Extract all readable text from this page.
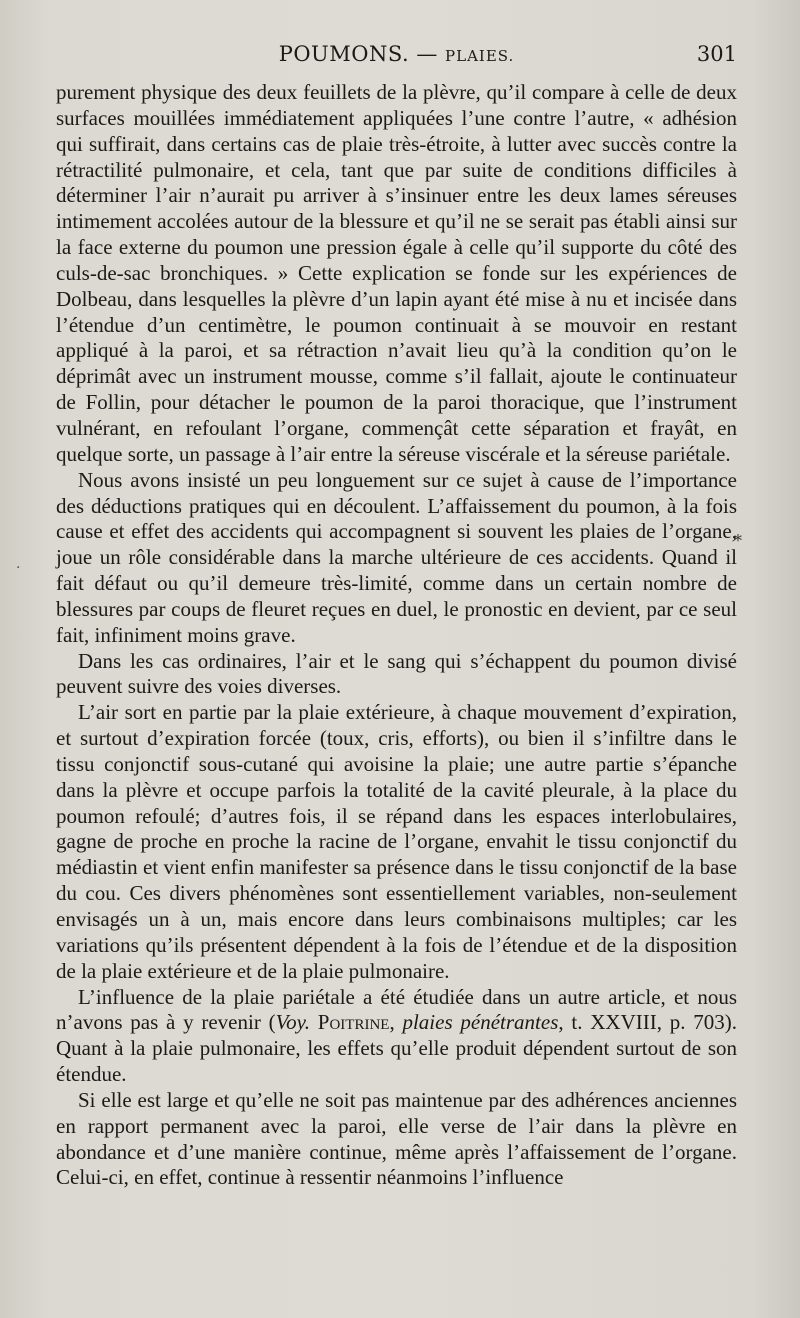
POUMONS. — PLAIES.	301

purement physique des deux feuillets de la plèvre, qu’il compare à celle de deux surfaces mouillées immédiatement appliquées l’une contre l’autre, « adhésion qui suffirait, dans certains cas de plaie très-étroite, à lutter avec succès contre la rétractilité pulmonaire, et cela, tant que par suite de conditions difficiles à déterminer l’air n’aurait pu arriver à s’insinuer entre les deux lames séreuses intimement accolées autour de la blessure et qu’il ne se serait pas établi ainsi sur la face externe du poumon une pression égale à celle qu’il supporte du côté des culs-de-sac bronchiques. » Cette explication se fonde sur les expériences de Dolbeau, dans lesquelles la plèvre d’un lapin ayant été mise à nu et incisée dans l’étendue d’un centimètre, le poumon continuait à se mouvoir en restant appliqué à la paroi, et sa rétraction n’avait lieu qu’à la condition qu’on le déprimât avec un instrument mousse, comme s’il fallait, ajoute le continuateur de Follin, pour détacher le poumon de la paroi thoracique, que l’instrument vulnérant, en refoulant l’organe, commençât cette séparation et frayât, en quelque sorte, un passage à l’air entre la séreuse viscérale et la séreuse pariétale.

Nous avons insisté un peu longuement sur ce sujet à cause de l’importance des déductions pratiques qui en découlent. L’affaissement du poumon, à la fois cause et effet des accidents qui accompagnent si souvent les plaies de l’organe, joue un rôle considérable dans la marche ultérieure de ces accidents. Quand il fait défaut ou qu’il demeure très-limité, comme dans un certain nombre de blessures par coups de fleuret reçues en duel, le pronostic en devient, par ce seul fait, infiniment moins grave.

Dans les cas ordinaires, l’air et le sang qui s’échappent du poumon divisé peuvent suivre des voies diverses.

L’air sort en partie par la plaie extérieure, à chaque mouvement d’expiration, et surtout d’expiration forcée (toux, cris, efforts), ou bien il s’infiltre dans le tissu conjonctif sous-cutané qui avoisine la plaie; une autre partie s’épanche dans la plèvre et occupe parfois la totalité de la cavité pleurale, à la place du poumon refoulé; d’autres fois, il se répand dans les espaces interlobulaires, gagne de proche en proche la racine de l’organe, envahit le tissu conjonctif du médiastin et vient enfin manifester sa présence dans le tissu conjonctif de la base du cou. Ces divers phénomènes sont essentiellement variables, non-seulement envisagés un à un, mais encore dans leurs combinaisons multiples; car les variations qu’ils présentent dépendent à la fois de l’étendue et de la disposition de la plaie extérieure et de la plaie pulmonaire.

L’influence de la plaie pariétale a été étudiée dans un autre article, et nous n’avons pas à y revenir (Voy. Poitrine, plaies pénétrantes, t. XXVIII, p. 703). Quant à la plaie pulmonaire, les effets qu’elle produit dépendent surtout de son étendue.

Si elle est large et qu’elle ne soit pas maintenue par des adhérences anciennes en rapport permanent avec la paroi, elle verse de l’air dans la plèvre en abondance et d’une manière continue, même après l’affaissement de l’organe. Celui-ci, en effet, continue à ressentir néanmoins l’influence

*
·
